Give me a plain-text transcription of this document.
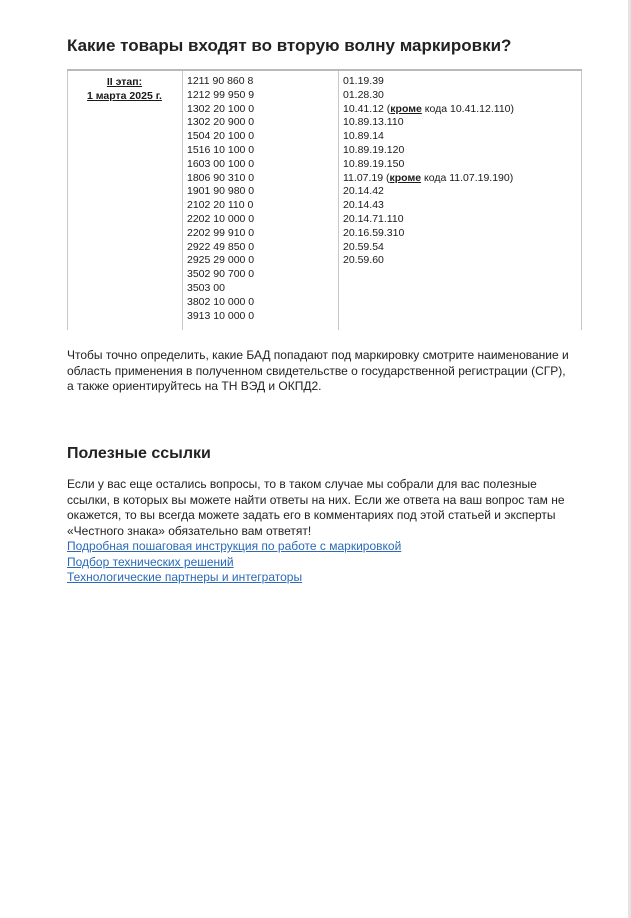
Какие товары входят во вторую волну маркировки?
II этап:
1 марта 2025 г.
1211 90 860 8
1212 99 950 9
1302 20 100 0
1302 20 900 0
1504 20 100 0
1516 10 100 0
1603 00 100 0
1806 90 310 0
1901 90 980 0
2102 20 110 0
2202 10 000 0
2202 99 910 0
2922 49 850 0
2925 29 000 0
3502 90 700 0
3503 00
3802 10 000 0
3913 10 000 0
01.19.39
01.28.30
10.41.12 (кроме кода 10.41.12.110)
10.89.13.110
10.89.14
10.89.19.120
10.89.19.150
11.07.19 (кроме кода 11.07.19.190)
20.14.42
20.14.43
20.14.71.110
20.16.59.310
20.59.54
20.59.60

Чтобы точно определить, какие БАД попадают под маркировку смотрите наименование и
область применения в полученном свидетельстве о государственной регистрации (СГР),
а также ориентируйтесь на ТН ВЭД и ОКПД2.

Полезные ссылки

Если у вас еще остались вопросы, то в таком случае мы собрали для вас полезные
ссылки, в которых вы можете найти ответы на них. Если же ответа на ваш вопрос там не
окажется, то вы всегда можете задать его в комментариях под этой статьей и эксперты
«Честного знака» обязательно вам ответят!

Подробная пошаговая инструкция по работе с маркировкой
Подбор технических решений
Технологические партнеры и интеграторы
